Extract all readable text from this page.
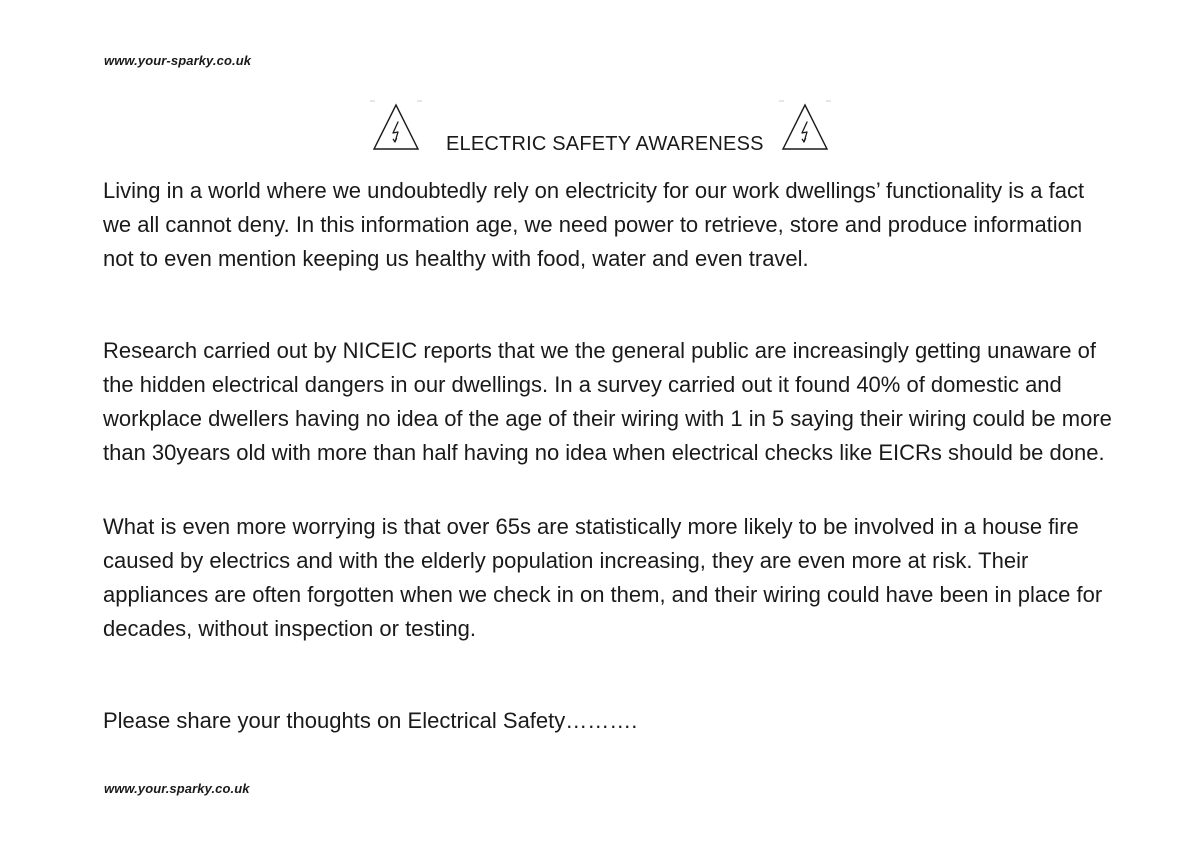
www.your-sparky.co.uk
ELECTRIC SAFETY AWARENESS

Living in a world where we undoubtedly rely on electricity for our work dwellings’ functionality is a fact we all cannot deny. In this information age, we need power to retrieve, store and produce information not to even mention keeping us healthy with food, water and even travel.

Research carried out by NICEIC reports that we the general public are increasingly getting unaware of the hidden electrical dangers in our dwellings. In a survey carried out it found 40% of domestic and workplace dwellers having no idea of the age of their wiring with 1 in 5 saying their wiring could be more than 30years old with more than half having no idea when electrical checks like EICRs should be done.

What is even more worrying is that over 65s are statistically more likely to be involved in a house fire caused by electrics and with the elderly population increasing, they are even more at risk. Their appliances are often forgotten when we check in on them, and their wiring could have been in place for decades, without inspection or testing.

Please share your thoughts on Electrical Safety……….

www.your.sparky.co.uk
